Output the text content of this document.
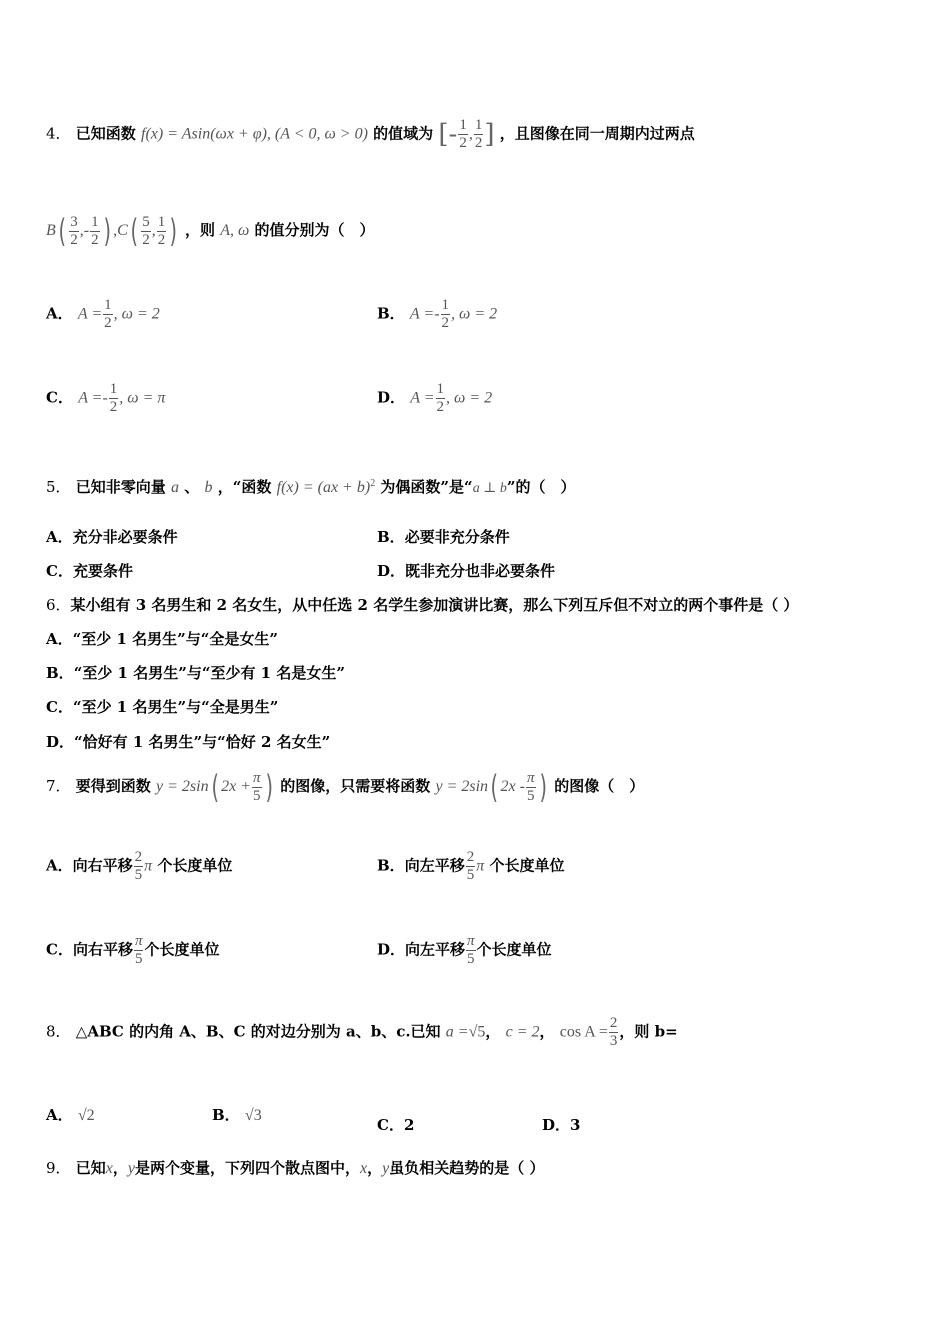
4． 已知函数 f(x) = Asin(ωx + φ), (A < 0, ω > 0) 的值域为 [- $\frac{1}{2}$ , $\frac{1}{2}$ ] ，且图像在同一周期内过两点
$B( \frac{3}{2}$ ,- $\frac{1}{2}$ ) $,C( \frac{5}{2}$ , $\frac{1}{2}$ ) ，则 A, ω 的值分别为（　）
A． $A = \frac{1}{2}$ , ω = 2	B． $A =- \frac{1}{2}$ , ω = 2
C． $A =- \frac{1}{2}$ , ω = π	D． $A = \frac{1}{2}$ , ω = 2
5． 已知非零向量 a 、 b ，“函数 f(x) = (ax + b)$^2$ 为偶函数”是“a ⊥ b”的（　）
A．充分非必要条件	B．必要非充分条件
C．充要条件	D．既非充分也非必要条件
6．某小组有 3 名男生和 2 名女生，从中任选 2 名学生参加演讲比赛，那么下列互斥但不对立的两个事件是（ ）
A．“至少 1 名男生”与“全是女生”
B．“至少 1 名男生”与“至少有 1 名是女生”
C．“至少 1 名男生”与“全是男生”
D．“恰好有 1 名男生”与“恰好 2 名女生”
7． 要得到函数 y = 2sin( $2x + \frac{\pi}{5}$ ) 的图像，只需要将函数 y = 2sin( $2x - \frac{\pi}{5}$ ) 的图像（　）
A．向右平移 $\frac{2}{5}$ π 个长度单位	B．向左平移 $\frac{2}{5}$ π 个长度单位
C．向右平移 $\frac{\pi}{5}$ 个长度单位	D．向左平移 $\frac{\pi}{5}$ 个长度单位
8． △ABC 的内角 A、B、C 的对边分别为 a、b、c.已知 a =√5， c = 2， $\cos A = \frac{2}{3}$ ，则 b=
A． √2	B． √3
C．2	D．3
9． 已知x，y是两个变量，下列四个散点图中，x，y虽负相关趋势的是（ ）
